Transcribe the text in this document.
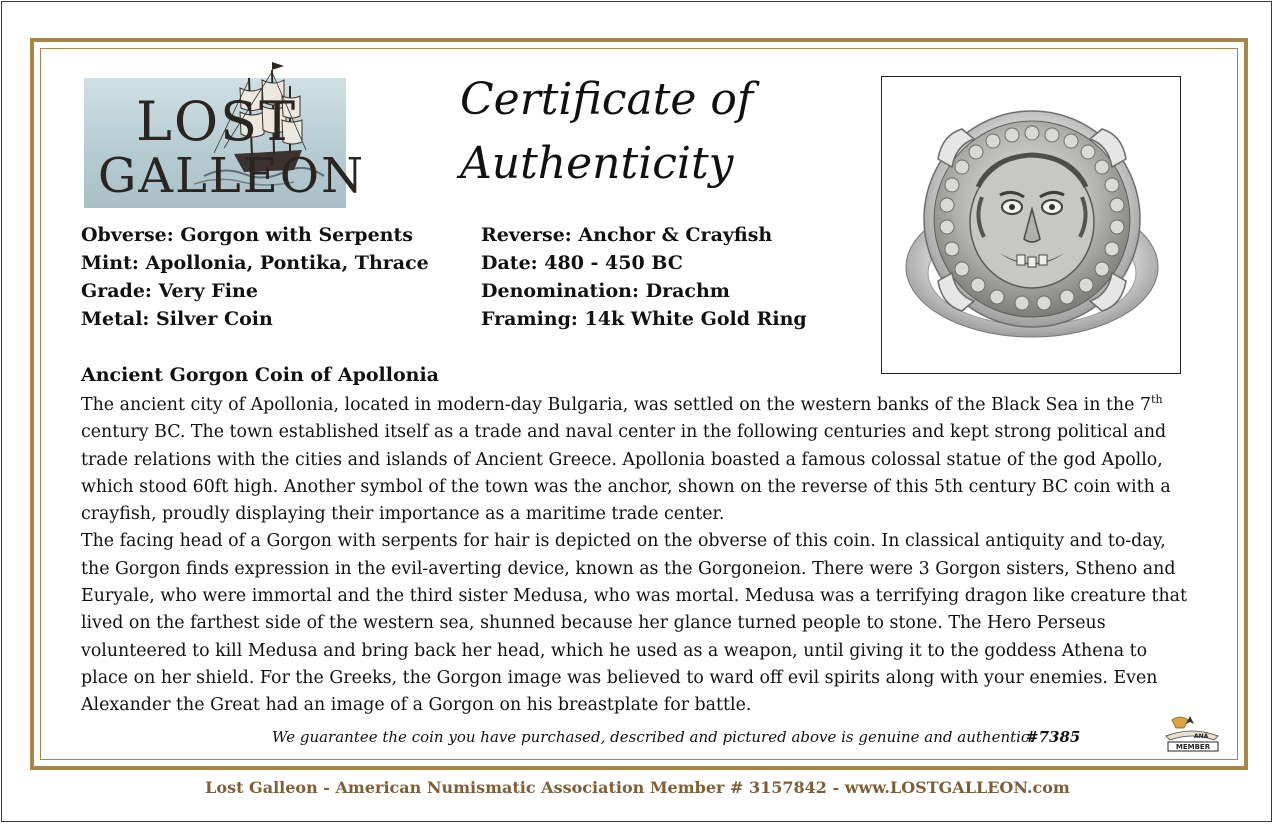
LOST
GALLEON
Certificate of
Authenticity
Obverse: Gorgon with Serpents
Mint: Apollonia, Pontika, Thrace
Grade: Very Fine
Metal: Silver Coin
Reverse: Anchor & Crayfish
Date: 480 - 450 BC
Denomination: Drachm
Framing: 14k White Gold Ring
Ancient Gorgon Coin of Apollonia

The ancient city of Apollonia, located in modern-day Bulgaria, was settled on the western banks of the Black Sea in the 7th century BC. The town established itself as a trade and naval center in the following centuries and kept strong political and trade relations with the cities and islands of Ancient Greece. Apollonia boasted a famous colossal statue of the god Apollo, which stood 60ft high. Another symbol of the town was the anchor, shown on the reverse of this 5th century BC coin with a crayfish, proudly displaying their importance as a maritime trade center.

The facing head of a Gorgon with serpents for hair is depicted on the obverse of this coin. In classical antiquity and to-day, the Gorgon finds expression in the evil-averting device, known as the Gorgoneion. There were 3 Gorgon sisters, Stheno and Euryale, who were immortal and the third sister Medusa, who was mortal. Medusa was a terrifying dragon like creature that lived on the farthest side of the western sea, shunned because her glance turned people to stone. The Hero Perseus volunteered to kill Medusa and bring back her head, which he used as a weapon, until giving it to the goddess Athena to place on her shield. For the Greeks, the Gorgon image was believed to ward off evil spirits along with your enemies. Even Alexander the Great had an image of a Gorgon on his breastplate for battle.

We guarantee the coin you have purchased, described and pictured above is genuine and authentic.
#7385	ANA
MEMBER
Lost Galleon - American Numismatic Association Member # 3157842 - www.LOSTGALLEON.com
